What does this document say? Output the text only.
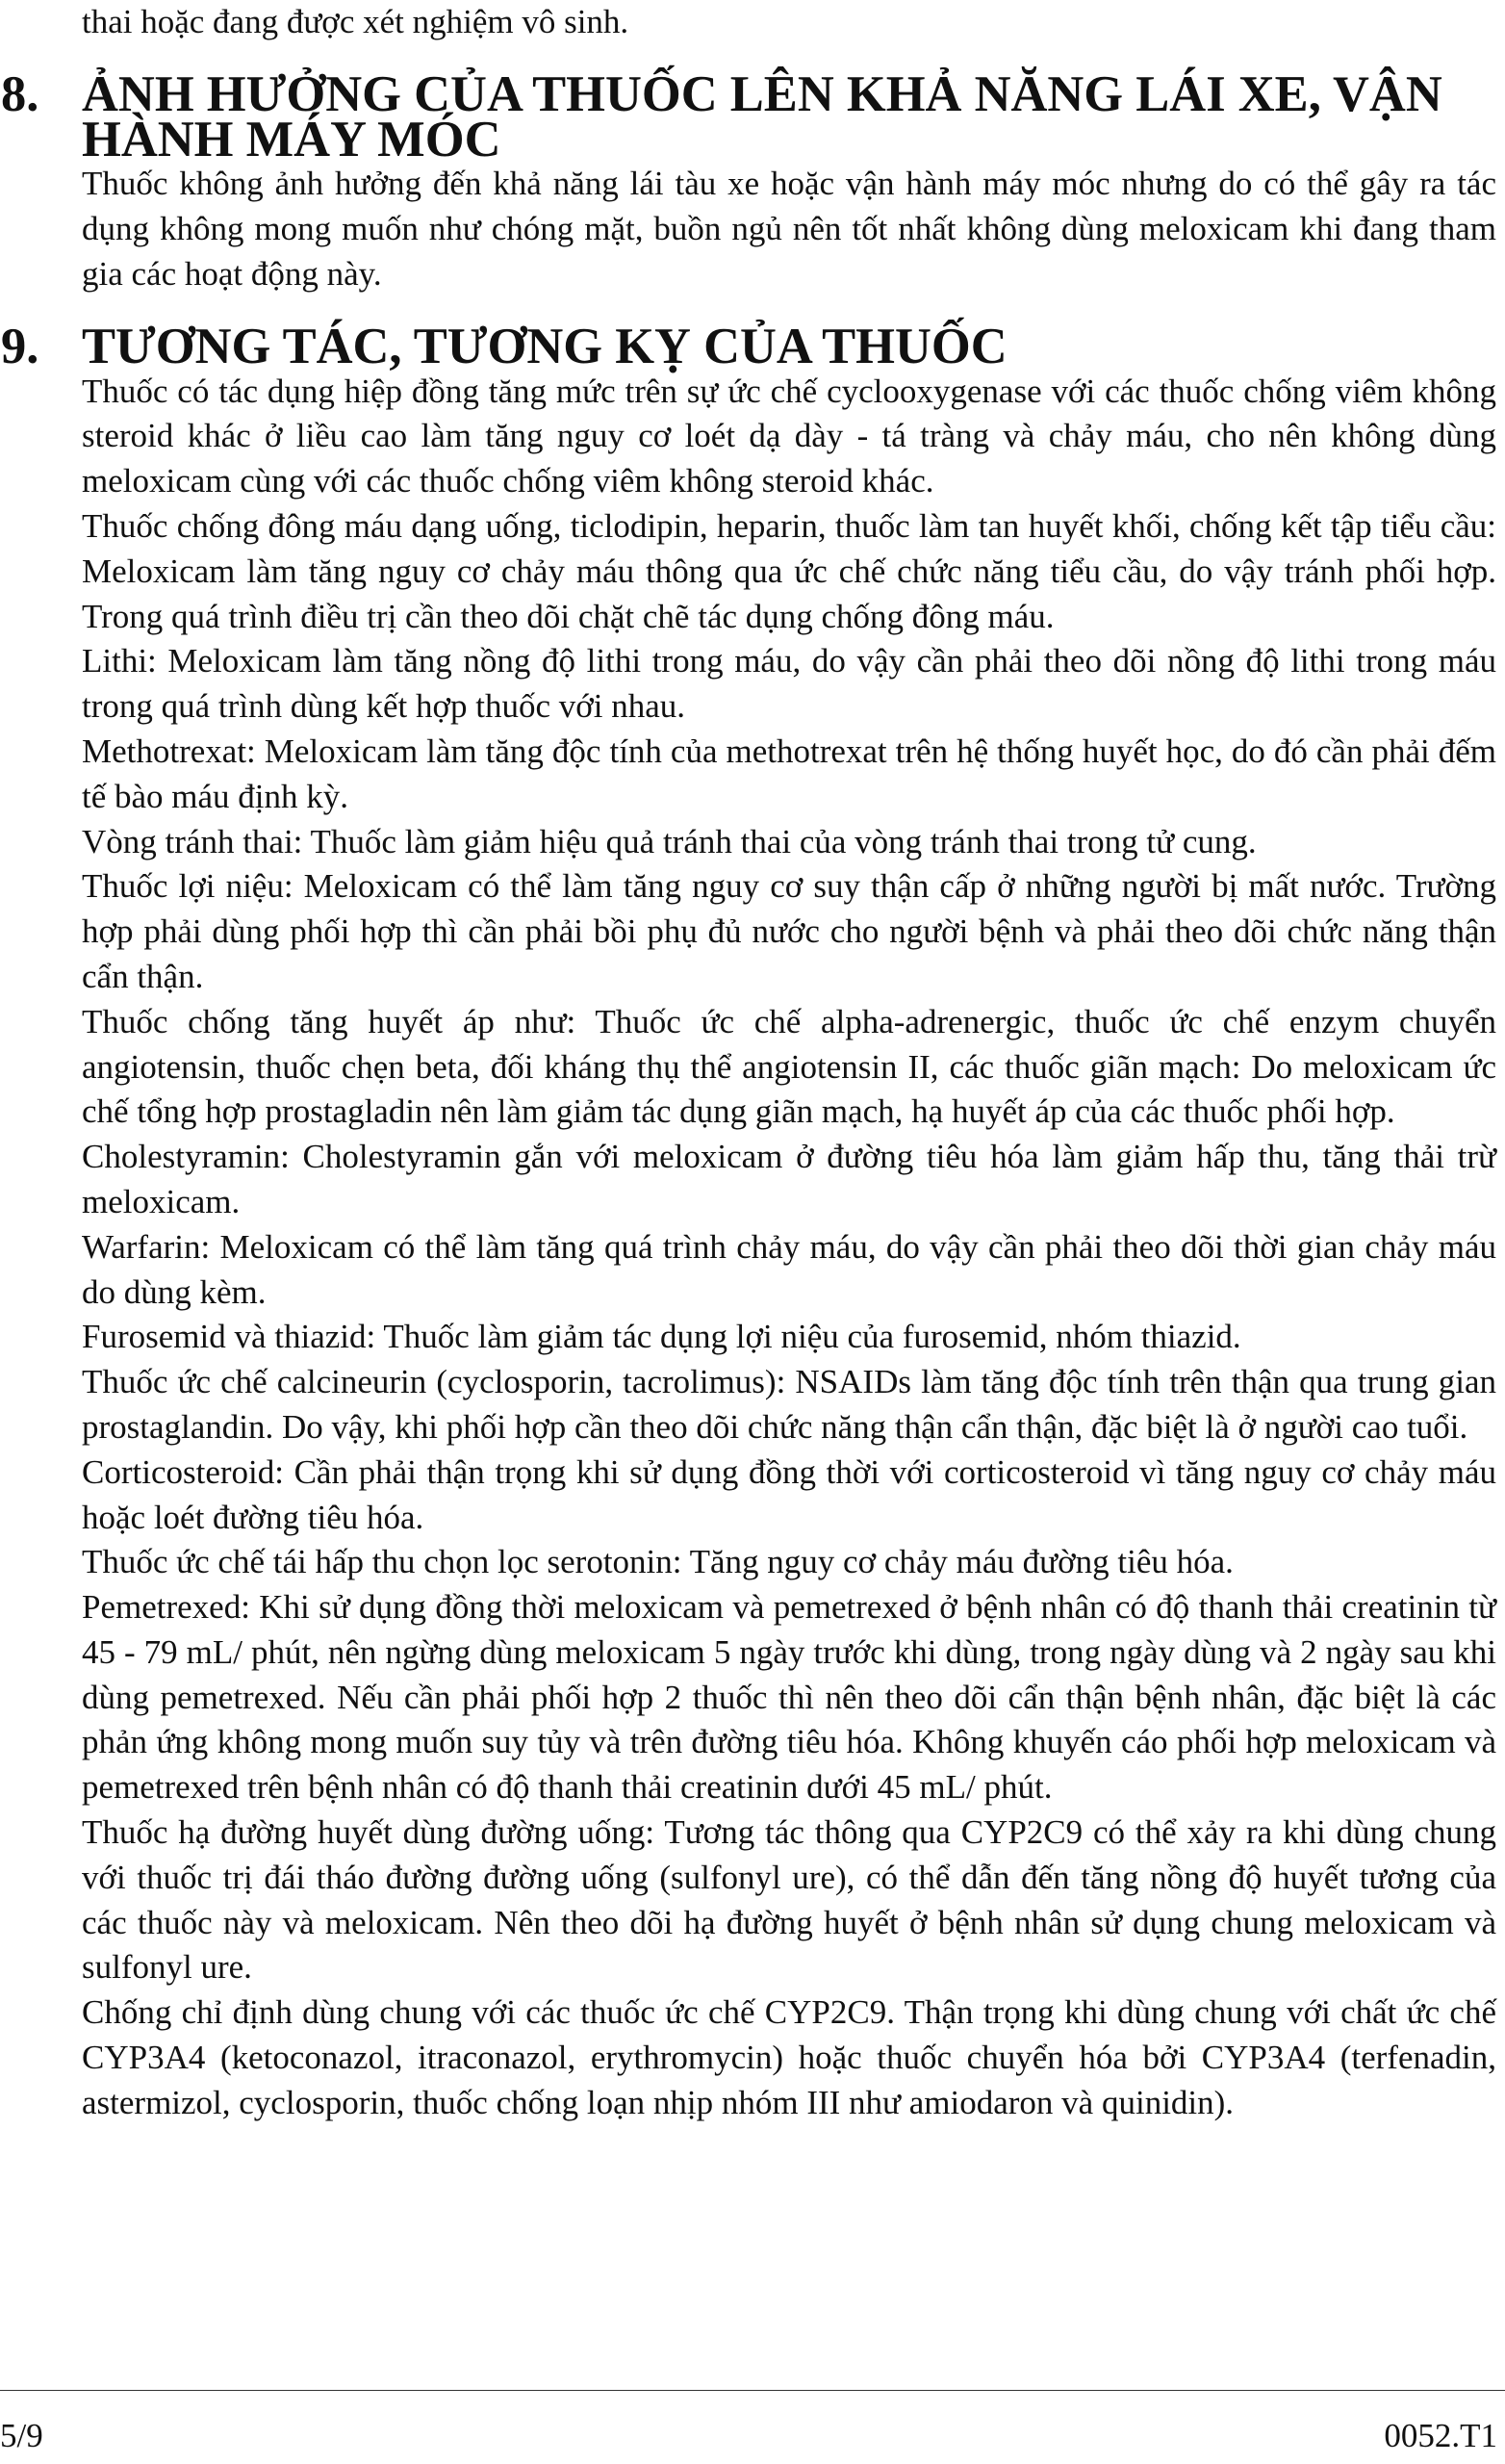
thai hoặc đang được xét nghiệm vô sinh.

8. ẢNH HƯỞNG CỦA THUỐC LÊN KHẢ NĂNG LÁI XE, VẬN HÀNH MÁY MÓC

Thuốc không ảnh hưởng đến khả năng lái tàu xe hoặc vận hành máy móc nhưng do có thể gây ra tác dụng không mong muốn như chóng mặt, buồn ngủ nên tốt nhất không dùng meloxicam khi đang tham gia các hoạt động này.

9. TƯƠNG TÁC, TƯƠNG KỴ CỦA THUỐC

Thuốc có tác dụng hiệp đồng tăng mức trên sự ức chế cyclooxygenase với các thuốc chống viêm không steroid khác ở liều cao làm tăng nguy cơ loét dạ dày - tá tràng và chảy máu, cho nên không dùng meloxicam cùng với các thuốc chống viêm không steroid khác.

Thuốc chống đông máu dạng uống, ticlodipin, heparin, thuốc làm tan huyết khối, chống kết tập tiểu cầu: Meloxicam làm tăng nguy cơ chảy máu thông qua ức chế chức năng tiểu cầu, do vậy tránh phối hợp. Trong quá trình điều trị cần theo dõi chặt chẽ tác dụng chống đông máu.

Lithi: Meloxicam làm tăng nồng độ lithi trong máu, do vậy cần phải theo dõi nồng độ lithi trong máu trong quá trình dùng kết hợp thuốc với nhau.

Methotrexat: Meloxicam làm tăng độc tính của methotrexat trên hệ thống huyết học, do đó cần phải đếm tế bào máu định kỳ.

Vòng tránh thai: Thuốc làm giảm hiệu quả tránh thai của vòng tránh thai trong tử cung.

Thuốc lợi niệu: Meloxicam có thể làm tăng nguy cơ suy thận cấp ở những người bị mất nước. Trường hợp phải dùng phối hợp thì cần phải bồi phụ đủ nước cho người bệnh và phải theo dõi chức năng thận cẩn thận.

Thuốc chống tăng huyết áp như: Thuốc ức chế alpha-adrenergic, thuốc ức chế enzym chuyển angiotensin, thuốc chẹn beta, đối kháng thụ thể angiotensin II, các thuốc giãn mạch: Do meloxicam ức chế tổng hợp prostagladin nên làm giảm tác dụng giãn mạch, hạ huyết áp của các thuốc phối hợp.

Cholestyramin: Cholestyramin gắn với meloxicam ở đường tiêu hóa làm giảm hấp thu, tăng thải trừ meloxicam.

Warfarin: Meloxicam có thể làm tăng quá trình chảy máu, do vậy cần phải theo dõi thời gian chảy máu do dùng kèm.

Furosemid và thiazid: Thuốc làm giảm tác dụng lợi niệu của furosemid, nhóm thiazid.

Thuốc ức chế calcineurin (cyclosporin, tacrolimus): NSAIDs làm tăng độc tính trên thận qua trung gian prostaglandin. Do vậy, khi phối hợp cần theo dõi chức năng thận cẩn thận, đặc biệt là ở người cao tuổi.

Corticosteroid: Cần phải thận trọng khi sử dụng đồng thời với corticosteroid vì tăng nguy cơ chảy máu hoặc loét đường tiêu hóa.

Thuốc ức chế tái hấp thu chọn lọc serotonin: Tăng nguy cơ chảy máu đường tiêu hóa.

Pemetrexed: Khi sử dụng đồng thời meloxicam và pemetrexed ở bệnh nhân có độ thanh thải creatinin từ 45 - 79 mL/ phút, nên ngừng dùng meloxicam 5 ngày trước khi dùng, trong ngày dùng và 2 ngày sau khi dùng pemetrexed. Nếu cần phải phối hợp 2 thuốc thì nên theo dõi cẩn thận bệnh nhân, đặc biệt là các phản ứng không mong muốn suy tủy và trên đường tiêu hóa. Không khuyến cáo phối hợp meloxicam và pemetrexed trên bệnh nhân có độ thanh thải creatinin dưới 45 mL/ phút.

Thuốc hạ đường huyết dùng đường uống: Tương tác thông qua CYP2C9 có thể xảy ra khi dùng chung với thuốc trị đái tháo đường đường uống (sulfonyl ure), có thể dẫn đến tăng nồng độ huyết tương của các thuốc này và meloxicam. Nên theo dõi hạ đường huyết ở bệnh nhân sử dụng chung meloxicam và sulfonyl ure.

Chống chỉ định dùng chung với các thuốc ức chế CYP2C9. Thận trọng khi dùng chung với chất ức chế CYP3A4 (ketoconazol, itraconazol, erythromycin) hoặc thuốc chuyển hóa bởi CYP3A4 (terfenadin, astermizol, cyclosporin, thuốc chống loạn nhịp nhóm III như amiodaron và quinidin).

5/9	0052.T1
